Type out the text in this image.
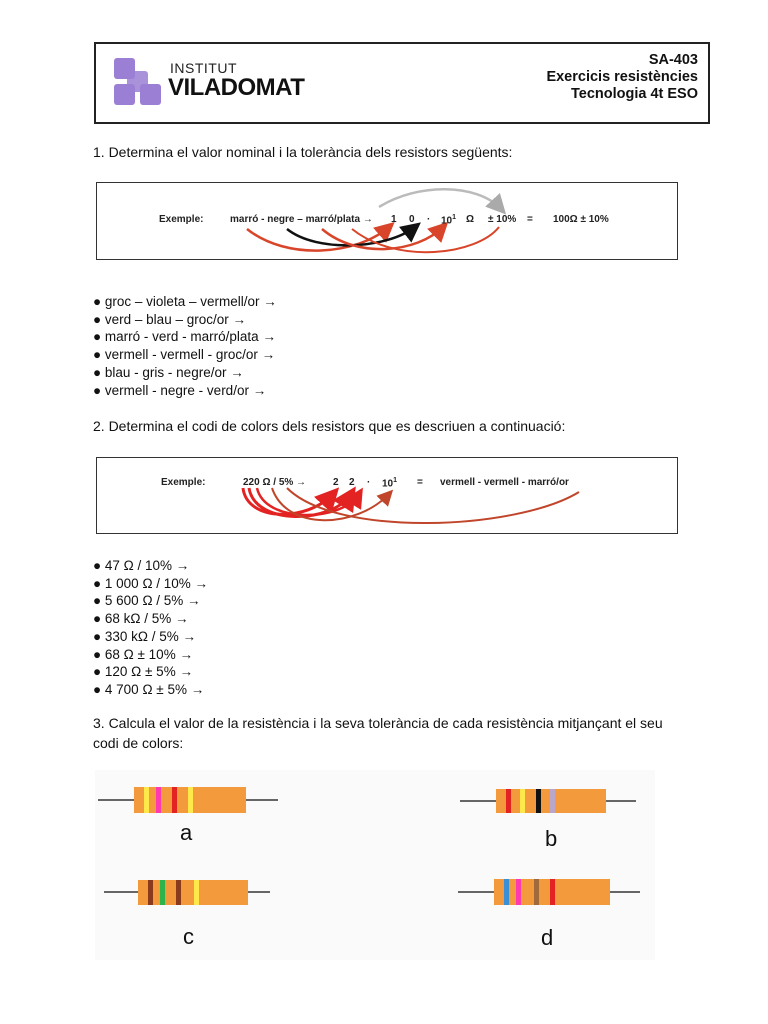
INSTITUT
VILADOMAT
SA-403
Exercicis resistències
Tecnologia 4t ESO
1. Determina el valor nominal i la tolerància dels resistors següents:
Exemple:	marró - negre – marró/plata → 1 $0 \cdot 10^1$ Ω ± 10% = 100Ω ± 10%
● groc – violeta – vermell/or →
● verd – blau – groc/or →
● marró - verd - marró/plata →
● vermell - vermell - groc/or →
● blau - gris - negre/or →
● vermell - negre - verd/or →
2. Determina el codi de colors dels resistors que es descriuen a continuació:
Exemple:	220 Ω / 5% →	2 $2 \cdot 10^1$ = vermell - vermell - marró/or
● 47 Ω / 10% →
● 1 000 Ω / 10% →
● 5 600 Ω / 5% →
● 68 kΩ / 5% →
● 330 kΩ / 5% →
● 68 Ω ± 10% →
● 120 Ω ± 5% →
● 4 700 Ω ± 5% →
3. Calcula el valor de la resistència i la seva tolerància de cada resistència mitjançant el seu
codi de colors:
a	b
c	d
